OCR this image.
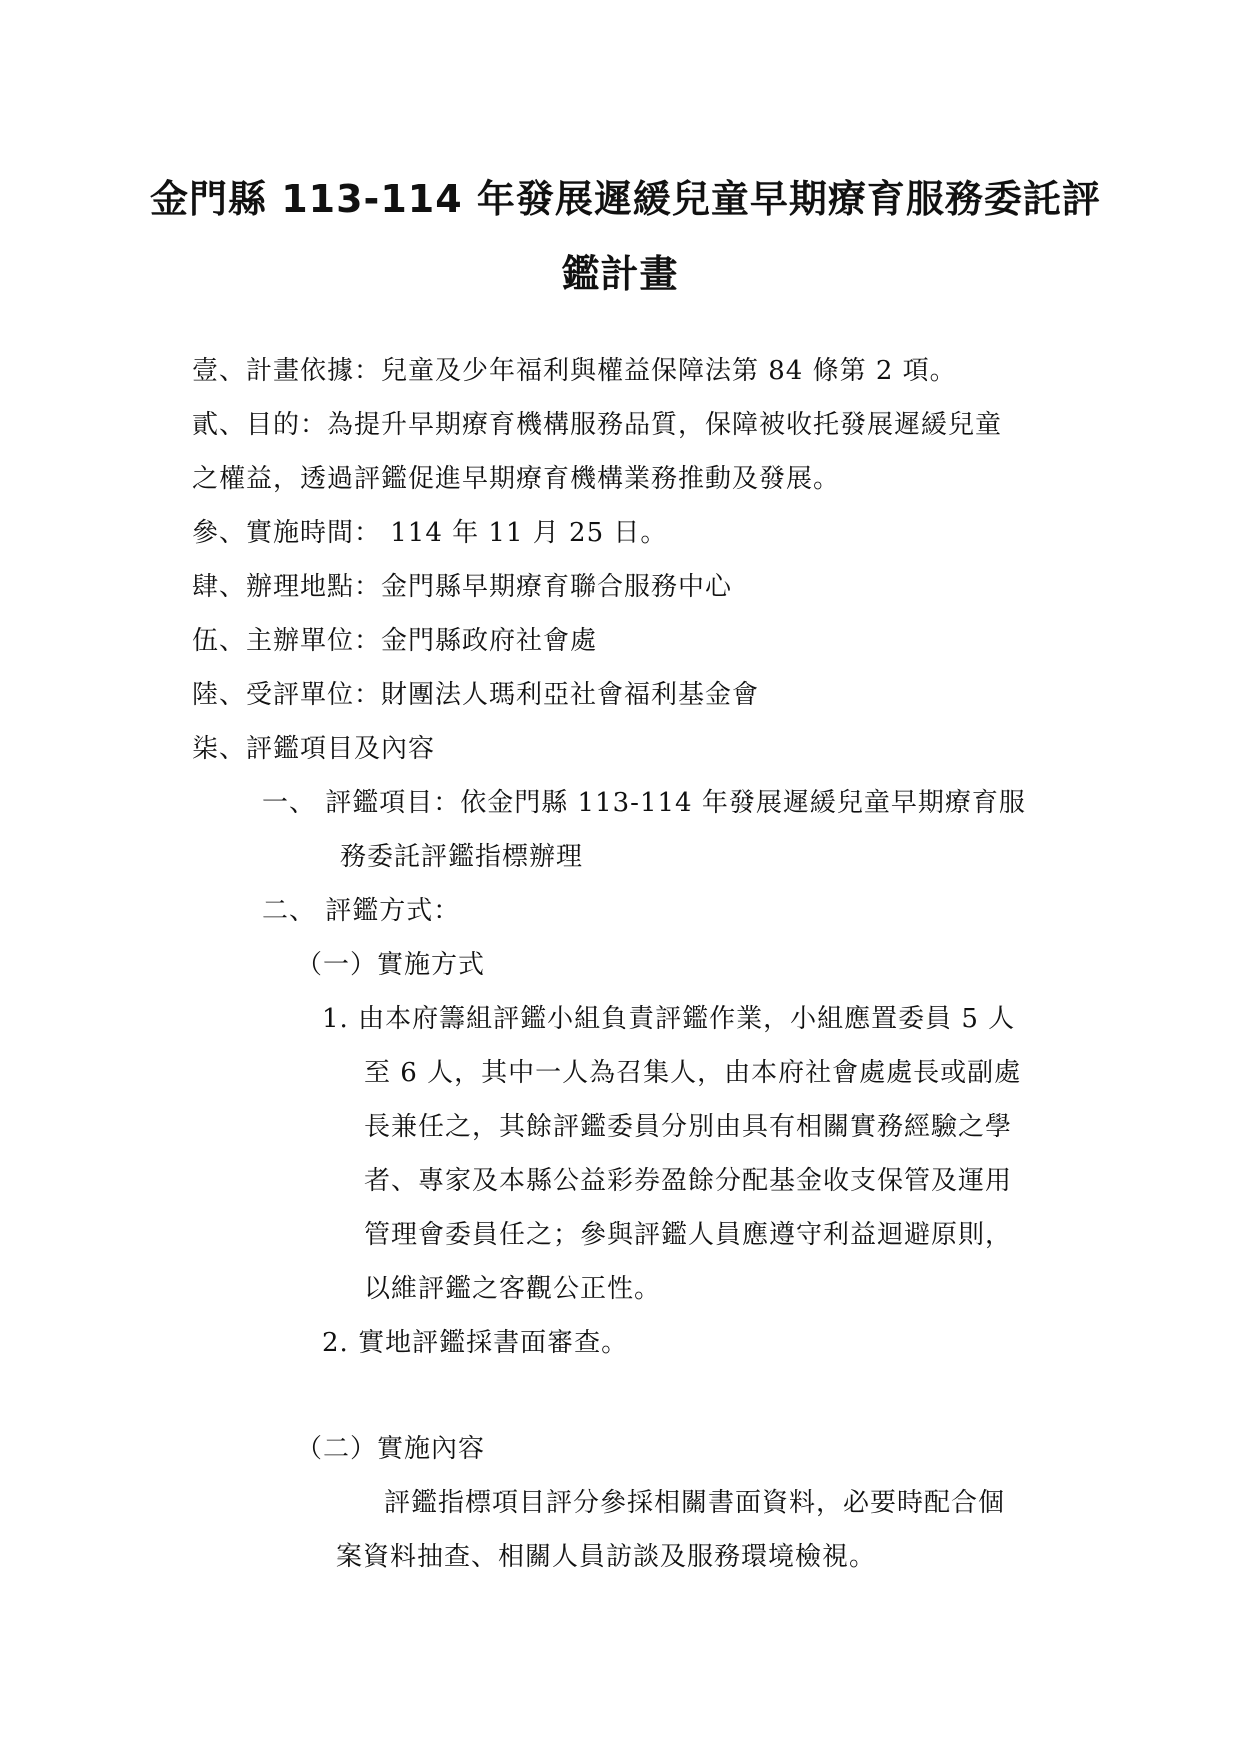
金門縣 113-114 年發展遲緩兒童早期療育服務委託評
鑑計畫
壹、計畫依據：兒童及少年福利與權益保障法第 84 條第 2 項。
貳、目的：為提升早期療育機構服務品質，保障被收托發展遲緩兒童
之權益，透過評鑑促進早期療育機構業務推動及發展。
參、實施時間： 114 年 11 月 25 日。
肆、辦理地點：金門縣早期療育聯合服務中心
伍、主辦單位：金門縣政府社會處
陸、受評單位：財團法人瑪利亞社會福利基金會
柒、評鑑項目及內容
一、 評鑑項目：依金門縣 113-114 年發展遲緩兒童早期療育服
務委託評鑑指標辦理
二、 評鑑方式：
（一）實施方式
1. 由本府籌組評鑑小組負責評鑑作業，小組應置委員 5 人
至 6 人，其中一人為召集人，由本府社會處處長或副處
長兼任之，其餘評鑑委員分別由具有相關實務經驗之學
者、專家及本縣公益彩券盈餘分配基金收支保管及運用
管理會委員任之；參與評鑑人員應遵守利益迴避原則，
以維評鑑之客觀公正性。
2. 實地評鑑採書面審查。
（二）實施內容
評鑑指標項目評分參採相關書面資料，必要時配合個
案資料抽查、相關人員訪談及服務環境檢視。
